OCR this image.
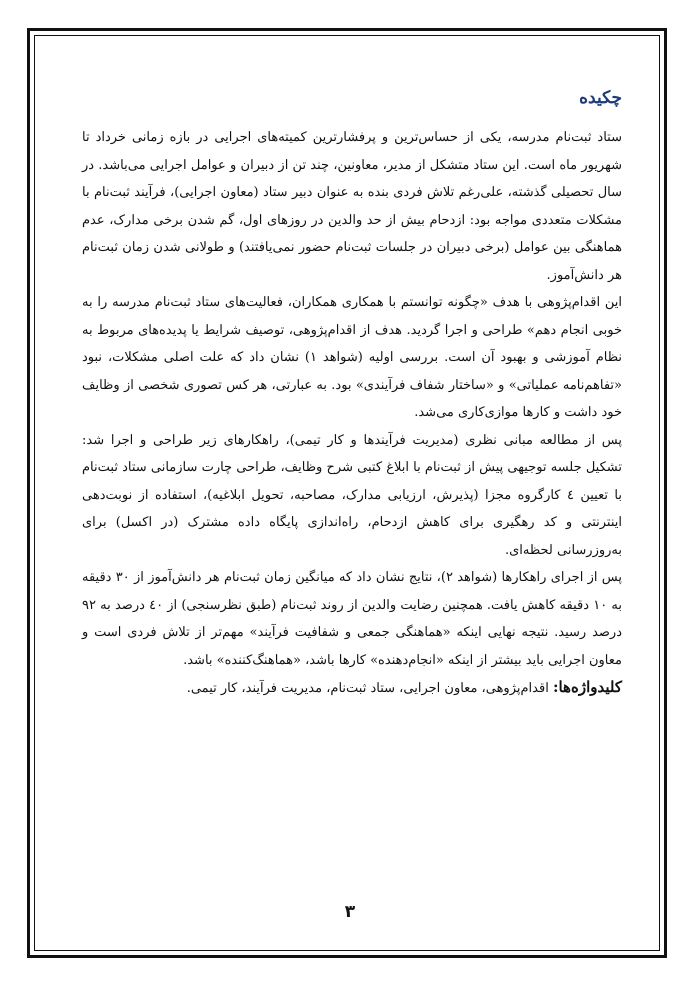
چکیده

ستاد ثبت‌نام مدرسه، یکی از حساس‌ترین و پرفشارترین کمیته‌های اجرایی در بازه زمانی خرداد تا شهریور ماه است. این ستاد متشکل از مدیر، معاونین، چند تن از دبیران و عوامل اجرایی می‌باشد. در سال تحصیلی گذشته، علی‌رغم تلاش فردی بنده به عنوان دبیر ستاد (معاون اجرایی)، فرآیند ثبت‌نام با مشکلات متعددی مواجه بود: ازدحام بیش از حد والدین در روزهای اول، گم شدن برخی مدارک، عدم هماهنگی بین عوامل (برخی دبیران در جلسات ثبت‌نام حضور نمی‌یافتند) و طولانی شدن زمان ثبت‌نام هر دانش‌آموز.

این اقدام‌پژوهی با هدف «چگونه توانستم با همکاری همکاران، فعالیت‌های ستاد ثبت‌نام مدرسه را به خوبی انجام دهم» طراحی و اجرا گردید. هدف از اقدام‌پژوهی، توصیف شرایط یا پدیده‌های مربوط به نظام آموزشی و بهبود آن است. بررسی اولیه (شواهد ۱) نشان داد که علت اصلی مشکلات، نبود «تفاهم‌نامه عملیاتی» و «ساختار شفاف فرآیندی» بود. به عبارتی، هر کس تصوری شخصی از وظایف خود داشت و کارها موازی‌کاری می‌شد.

پس از مطالعه مبانی نظری (مدیریت فرآیندها و کار تیمی)، راهکارهای زیر طراحی و اجرا شد: تشکیل جلسه توجیهی پیش از ثبت‌نام با ابلاغ کتبی شرح وظایف، طراحی چارت سازمانی ستاد ثبت‌نام با تعیین ٤ کارگروه مجزا (پذیرش، ارزیابی مدارک، مصاحبه، تحویل ابلاغیه)، استفاده از نوبت‌دهی اینترنتی و کد رهگیری برای کاهش ازدحام، راه‌اندازی پایگاه داده مشترک (در اکسل) برای به‌روزرسانی لحظه‌ای.

پس از اجرای راهکارها (شواهد ۲)، نتایج نشان داد که میانگین زمان ثبت‌نام هر دانش‌آموز از ۳۰ دقیقه به ۱۰ دقیقه کاهش یافت. همچنین رضایت والدین از روند ثبت‌نام (طبق نظرسنجی) از ٤۰ درصد به ۹۲ درصد رسید. نتیجه نهایی اینکه «هماهنگی جمعی و شفافیت فرآیند» مهم‌تر از تلاش فردی است و معاون اجرایی باید بیشتر از اینکه «انجام‌دهنده» کارها باشد، «هماهنگ‌کننده» باشد.

کلیدواژه‌ها: اقدام‌پژوهی، معاون اجرایی، ستاد ثبت‌نام، مدیریت فرآیند، کار تیمی.

۳
